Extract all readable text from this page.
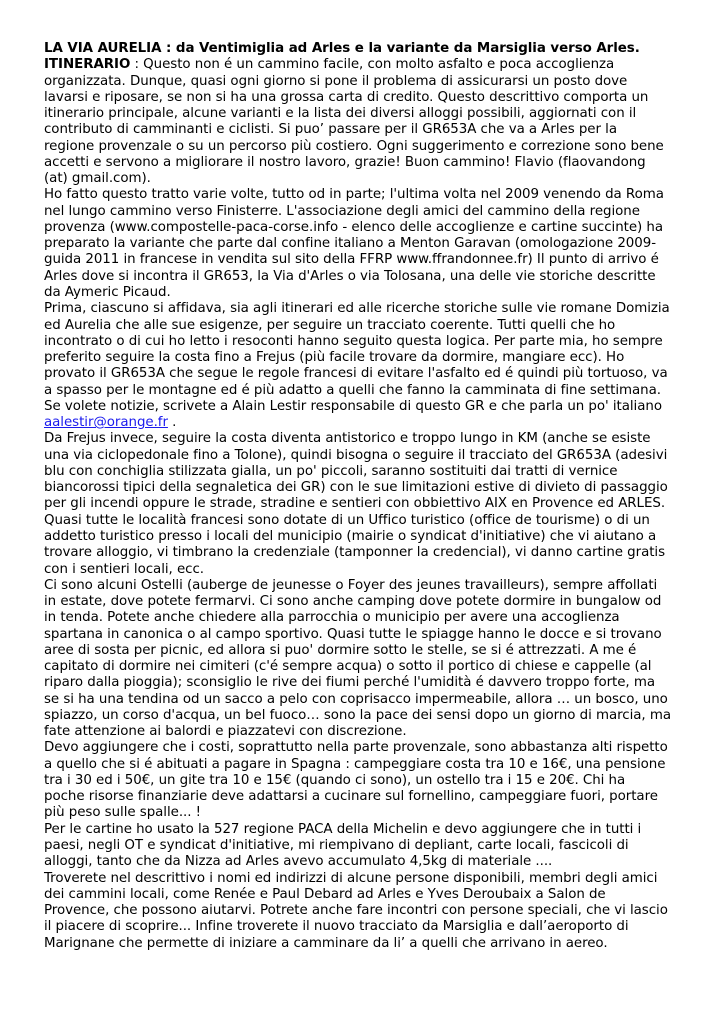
LA VIA AURELIA : da Ventimiglia ad Arles e la variante da Marsiglia verso Arles.
ITINERARIO : Questo non é un cammino facile, con molto asfalto e poca accoglienza
organizzata. Dunque, quasi ogni giorno si pone il problema di assicurarsi un posto dove
lavarsi e riposare, se non si ha una grossa carta di credito. Questo descrittivo comporta un
itinerario principale, alcune varianti e la lista dei diversi alloggi possibili, aggiornati con il
contributo di camminanti e ciclisti. Si puo’ passare per il GR653A che va a Arles per la
regione provenzale o su un percorso più costiero. Ogni suggerimento e correzione sono bene
accetti e servono a migliorare il nostro lavoro, grazie! Buon cammino! Flavio (flaovandong
(at) gmail.com).
Ho fatto questo tratto varie volte, tutto od in parte; l'ultima volta nel 2009 venendo da Roma
nel lungo cammino verso Finisterre. L'associazione degli amici del cammino della regione
provenza (www.compostelle-paca-corse.info - elenco delle accoglienze e cartine succinte) ha
preparato la variante che parte dal confine italiano a Menton Garavan (omologazione 2009-
guida 2011 in francese in vendita sul sito della FFRP www.ffrandonnee.fr) Il punto di arrivo é
Arles dove si incontra il GR653, la Via d'Arles o via Tolosana, una delle vie storiche descritte
da Aymeric Picaud.
Prima, ciascuno si affidava, sia agli itinerari ed alle ricerche storiche sulle vie romane Domizia
ed Aurelia che alle sue esigenze, per seguire un tracciato coerente. Tutti quelli che ho
incontrato o di cui ho letto i resoconti hanno seguito questa logica. Per parte mia, ho sempre
preferito seguire la costa fino a Frejus (più facile trovare da dormire, mangiare ecc). Ho
provato il GR653A che segue le regole francesi di evitare l'asfalto ed é quindi più tortuoso, va
a spasso per le montagne ed é più adatto a quelli che fanno la camminata di fine settimana.
Se volete notizie, scrivete a Alain Lestir responsabile di questo GR e che parla un po' italiano
aalestir@orange.fr .
Da Frejus invece, seguire la costa diventa antistorico e troppo lungo in KM (anche se esiste
una via ciclopedonale fino a Tolone), quindi bisogna o seguire il tracciato del GR653A (adesivi
blu con conchiglia stilizzata gialla, un po' piccoli, saranno sostituiti dai tratti di vernice
biancorossi tipici della segnaletica dei GR) con le sue limitazioni estive di divieto di passaggio
per gli incendi oppure le strade, stradine e sentieri con obbiettivo AIX en Provence ed ARLES.
Quasi tutte le località francesi sono dotate di un Uffico turistico (office de tourisme) o di un
addetto turistico presso i locali del municipio (mairie o syndicat d'initiative) che vi aiutano a
trovare alloggio, vi timbrano la credenziale (tamponner la credencial), vi danno cartine gratis
con i sentieri locali, ecc.
Ci sono alcuni Ostelli (auberge de jeunesse o Foyer des jeunes travailleurs), sempre affollati
in estate, dove potete fermarvi. Ci sono anche camping dove potete dormire in bungalow od
in tenda. Potete anche chiedere alla parrocchia o municipio per avere una accoglienza
spartana in canonica o al campo sportivo. Quasi tutte le spiagge hanno le docce e si trovano
aree di sosta per picnic, ed allora si puo' dormire sotto le stelle, se si é attrezzati. A me é
capitato di dormire nei cimiteri (c'é sempre acqua) o sotto il portico di chiese e cappelle (al
riparo dalla pioggia); sconsiglio le rive dei fiumi perché l'umidità é davvero troppo forte, ma
se si ha una tendina od un sacco a pelo con coprisacco impermeabile, allora … un bosco, uno
spiazzo, un corso d'acqua, un bel fuoco… sono la pace dei sensi dopo un giorno di marcia, ma
fate attenzione ai balordi e piazzatevi con discrezione.
Devo aggiungere che i costi, soprattutto nella parte provenzale, sono abbastanza alti rispetto
a quello che si é abituati a pagare in Spagna : campeggiare costa tra 10 e 16€, una pensione
tra i 30 ed i 50€, un gite tra 10 e 15€ (quando ci sono), un ostello tra i 15 e 20€. Chi ha
poche risorse finanziarie deve adattarsi a cucinare sul fornellino, campeggiare fuori, portare
più peso sulle spalle... !
Per le cartine ho usato la 527 regione PACA della Michelin e devo aggiungere che in tutti i
paesi, negli OT e syndicat d'initiative, mi riempivano di depliant, carte locali, fascicoli di
alloggi, tanto che da Nizza ad Arles avevo accumulato 4,5kg di materiale ....
Troverete nel descrittivo i nomi ed indirizzi di alcune persone disponibili, membri degli amici
dei cammini locali, come Renée e Paul Debard ad Arles e Yves Deroubaix a Salon de
Provence, che possono aiutarvi. Potrete anche fare incontri con persone speciali, che vi lascio
il piacere di scoprire... Infine troverete il nuovo tracciato da Marsiglia e dall’aeroporto di
Marignane che permette di iniziare a camminare da li’ a quelli che arrivano in aereo.
